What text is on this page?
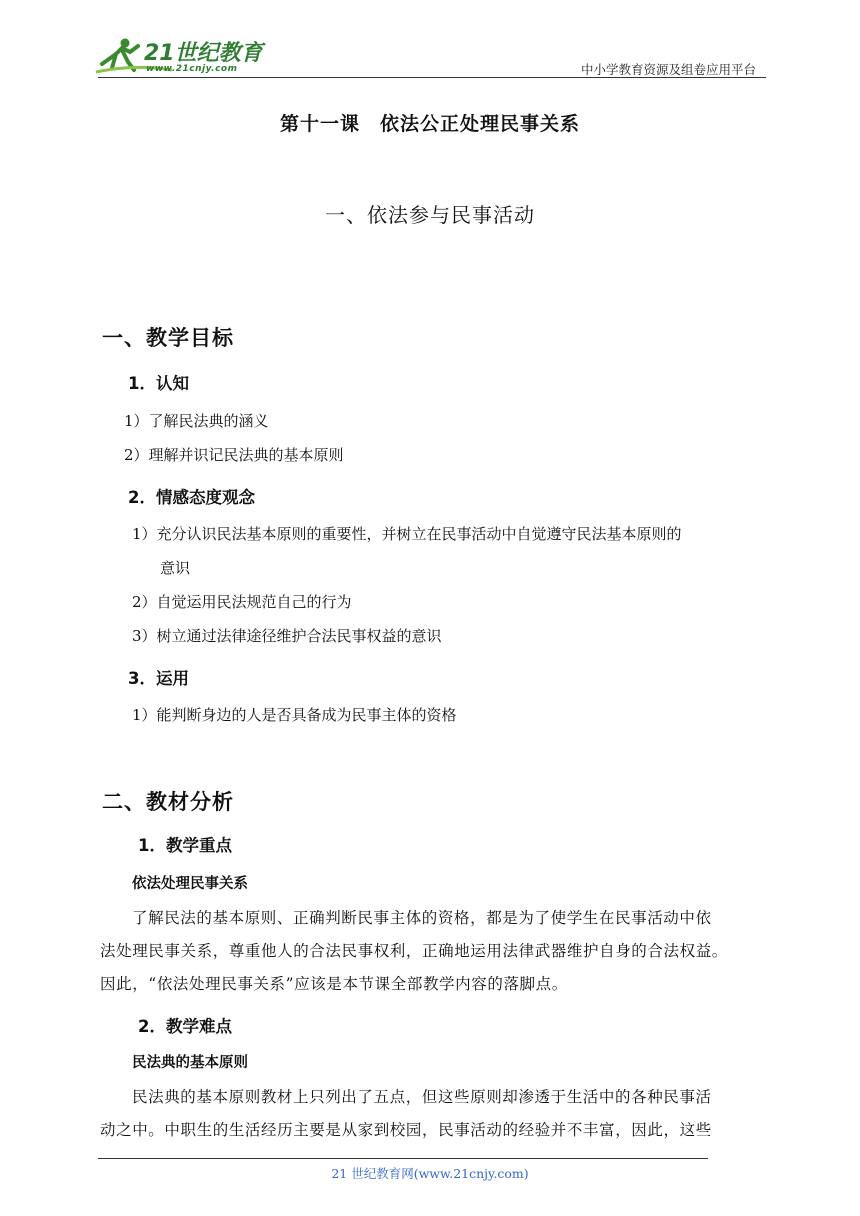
21世纪教育
www.21cnjy.com	中小学教育资源及组卷应用平台
第十一课　依法公正处理民事关系
一、依法参与民事活动
一、教学目标
1．认知
1）了解民法典的涵义
2）理解并识记民法典的基本原则
2．情感态度观念
1）充分认识民法基本原则的重要性，并树立在民事活动中自觉遵守民法基本原则的
意识
2）自觉运用民法规范自己的行为
3）树立通过法律途径维护合法民事权益的意识
3．运用
1）能判断身边的人是否具备成为民事主体的资格
二、教材分析
1．教学重点
依法处理民事关系
了解民法的基本原则、正确判断民事主体的资格，都是为了使学生在民事活动中依
法处理民事关系，尊重他人的合法民事权利，正确地运用法律武器维护自身的合法权益。
因此，“依法处理民事关系”应该是本节课全部教学内容的落脚点。
2．教学难点
民法典的基本原则
民法典的基本原则教材上只列出了五点，但这些原则却渗透于生活中的各种民事活
动之中。中职生的生活经历主要是从家到校园，民事活动的经验并不丰富，因此，这些
21 世纪教育网(www.21cnjy.com)
